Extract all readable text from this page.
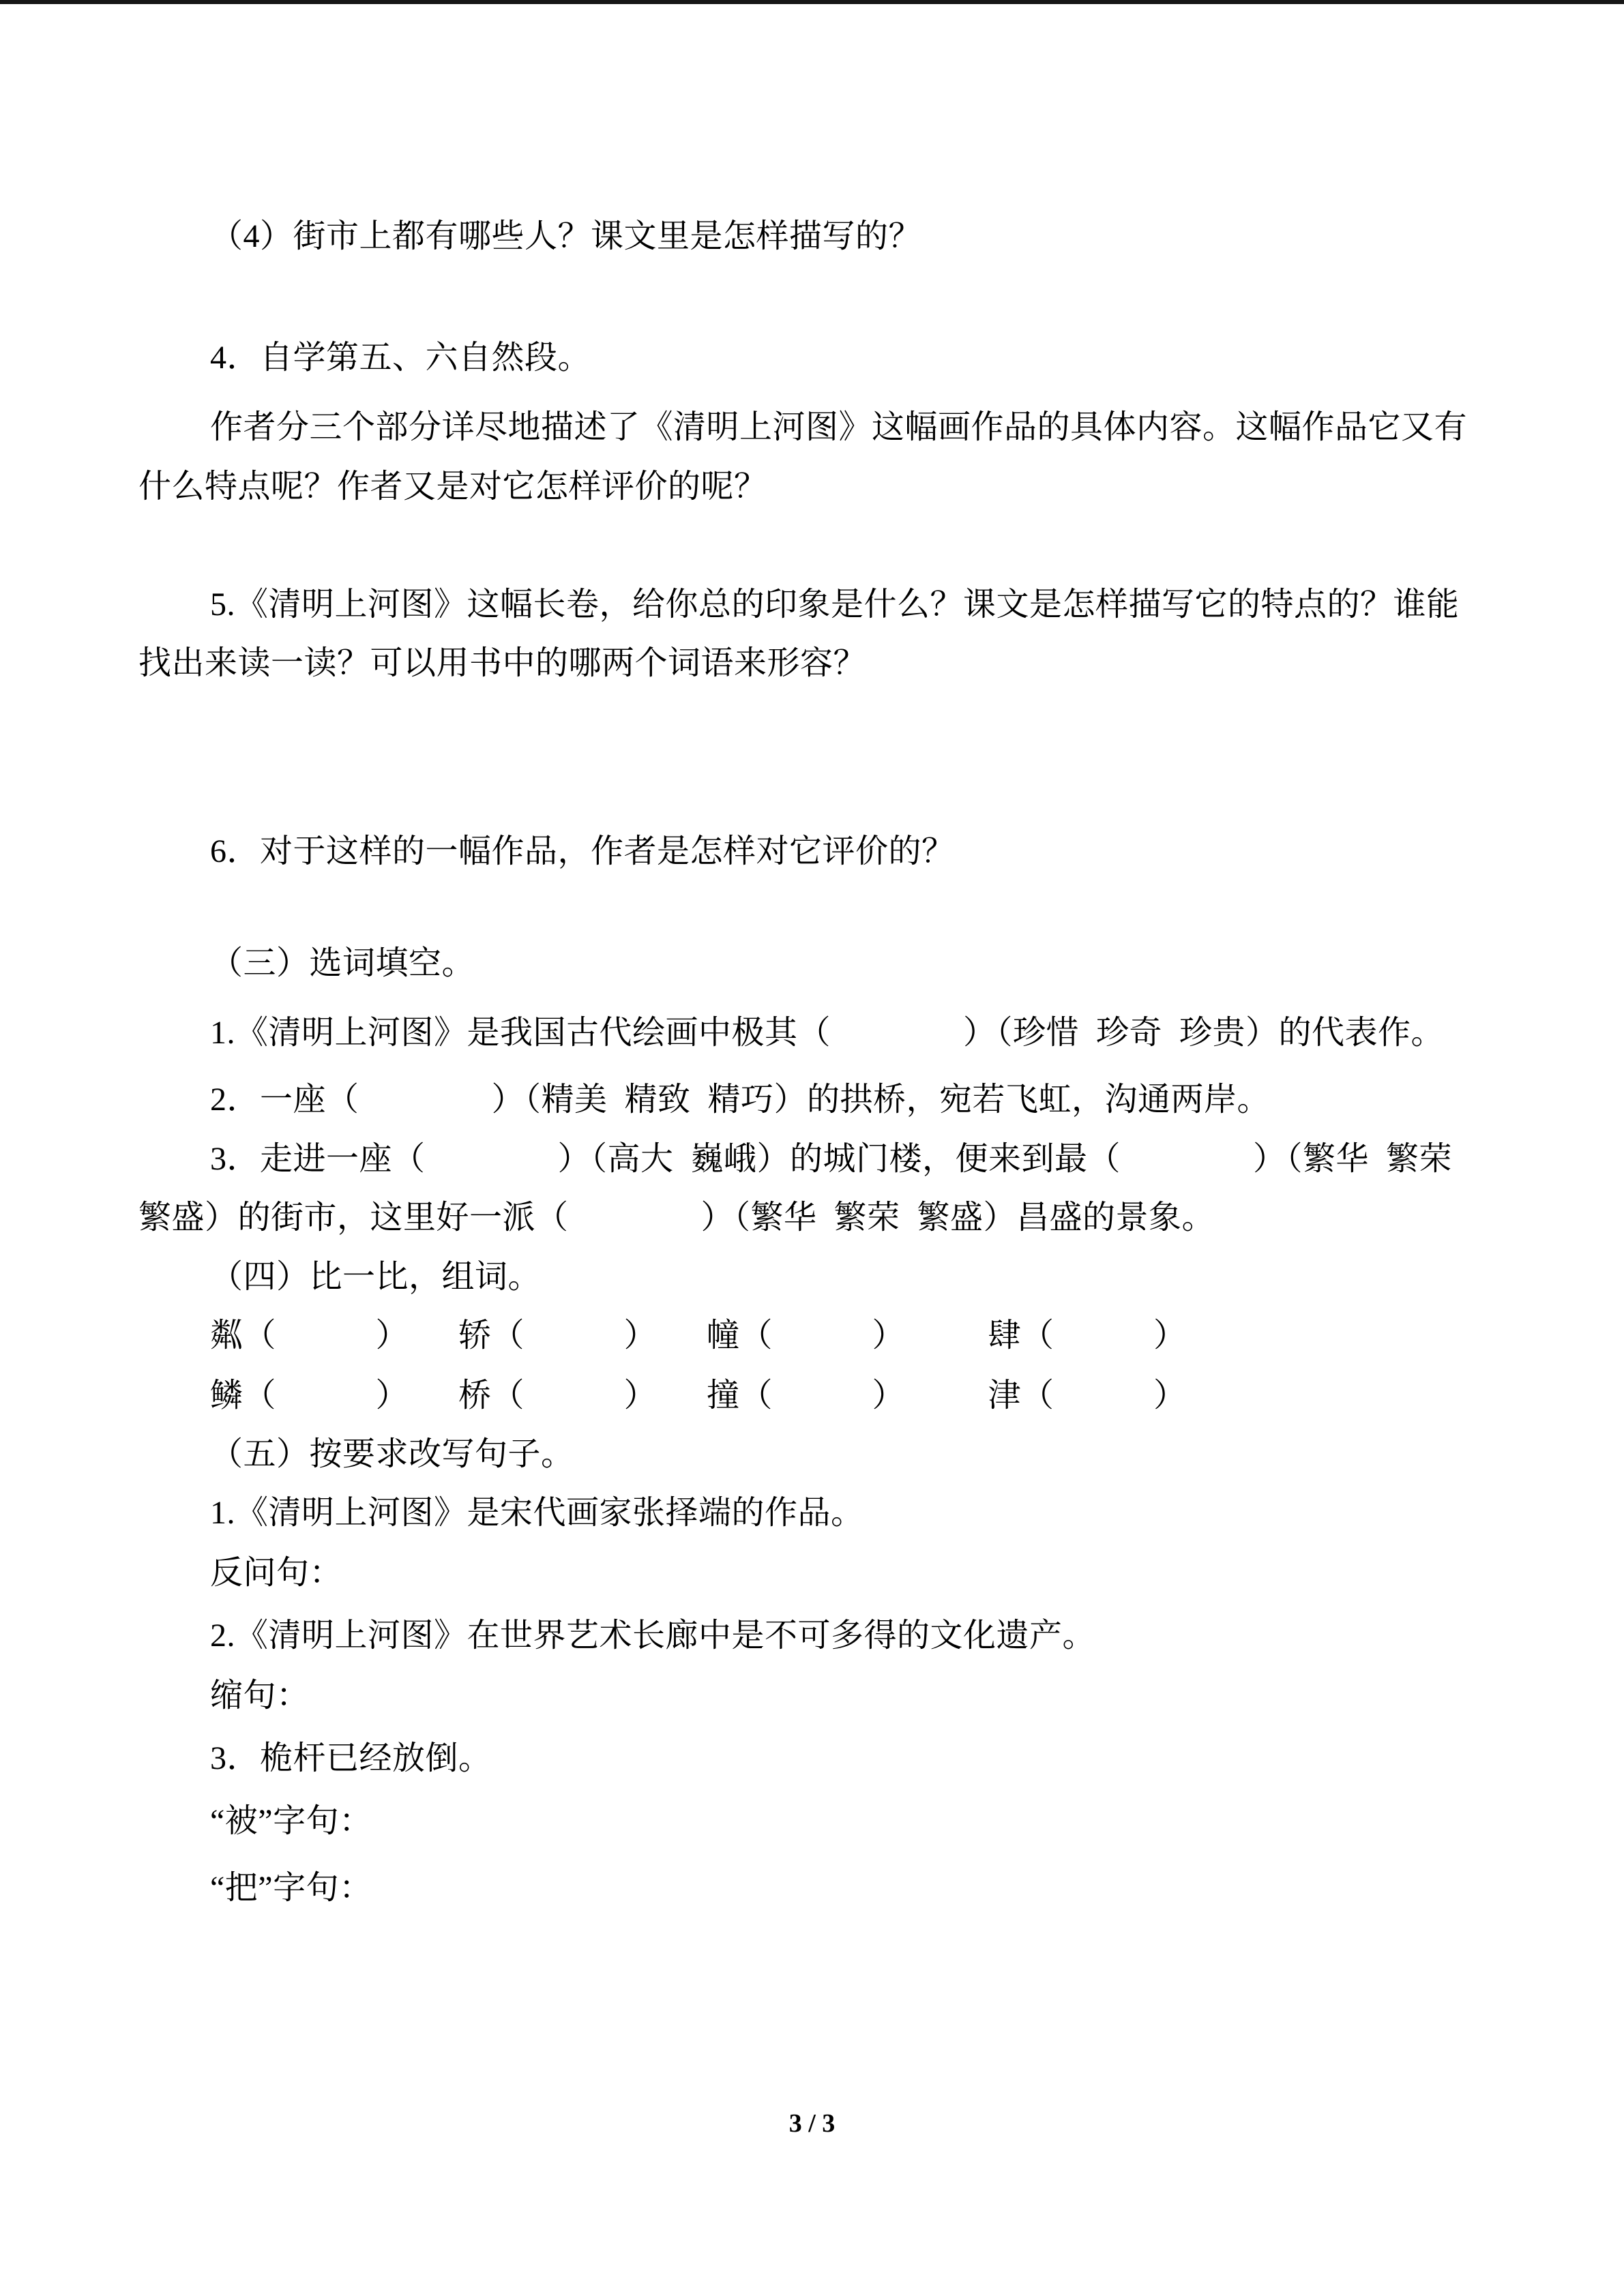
（4）街市上都有哪些人？课文里是怎样描写的？
4．自学第五、六自然段。
作者分三个部分详尽地描述了《清明上河图》这幅画作品的具体内容。这幅作品它又有
什么特点呢？作者又是对它怎样评价的呢？
5.《清明上河图》这幅长卷，给你总的印象是什么？课文是怎样描写它的特点的？谁能
找出来读一读？可以用书中的哪两个词语来形容？
6．对于这样的一幅作品，作者是怎样对它评价的？
（三）选词填空。
1.《清明上河图》是我国古代绘画中极其（　　　　）（珍惜  珍奇  珍贵）的代表作。
2．一座（　　　　）（精美  精致  精巧）的拱桥，宛若飞虹，沟通两岸。
3．走进一座（　　　　）（高大  巍峨）的城门楼，便来到最（　　　　）（繁华  繁荣
繁盛）的街市，这里好一派（　　　　）（繁华  繁荣  繁盛）昌盛的景象。
（四）比一比，组词。
粼（　　　）　　轿（　　　）　　幢（　　　）　　　肆（　　　）
鳞（　　　）　　桥（　　　）　　撞（　　　）　　　津（　　　）
（五）按要求改写句子。
1.《清明上河图》是宋代画家张择端的作品。
反问句：
2.《清明上河图》在世界艺术长廊中是不可多得的文化遗产。
缩句：
3．桅杆已经放倒。
“被”字句：
“把”字句：
3 / 3
